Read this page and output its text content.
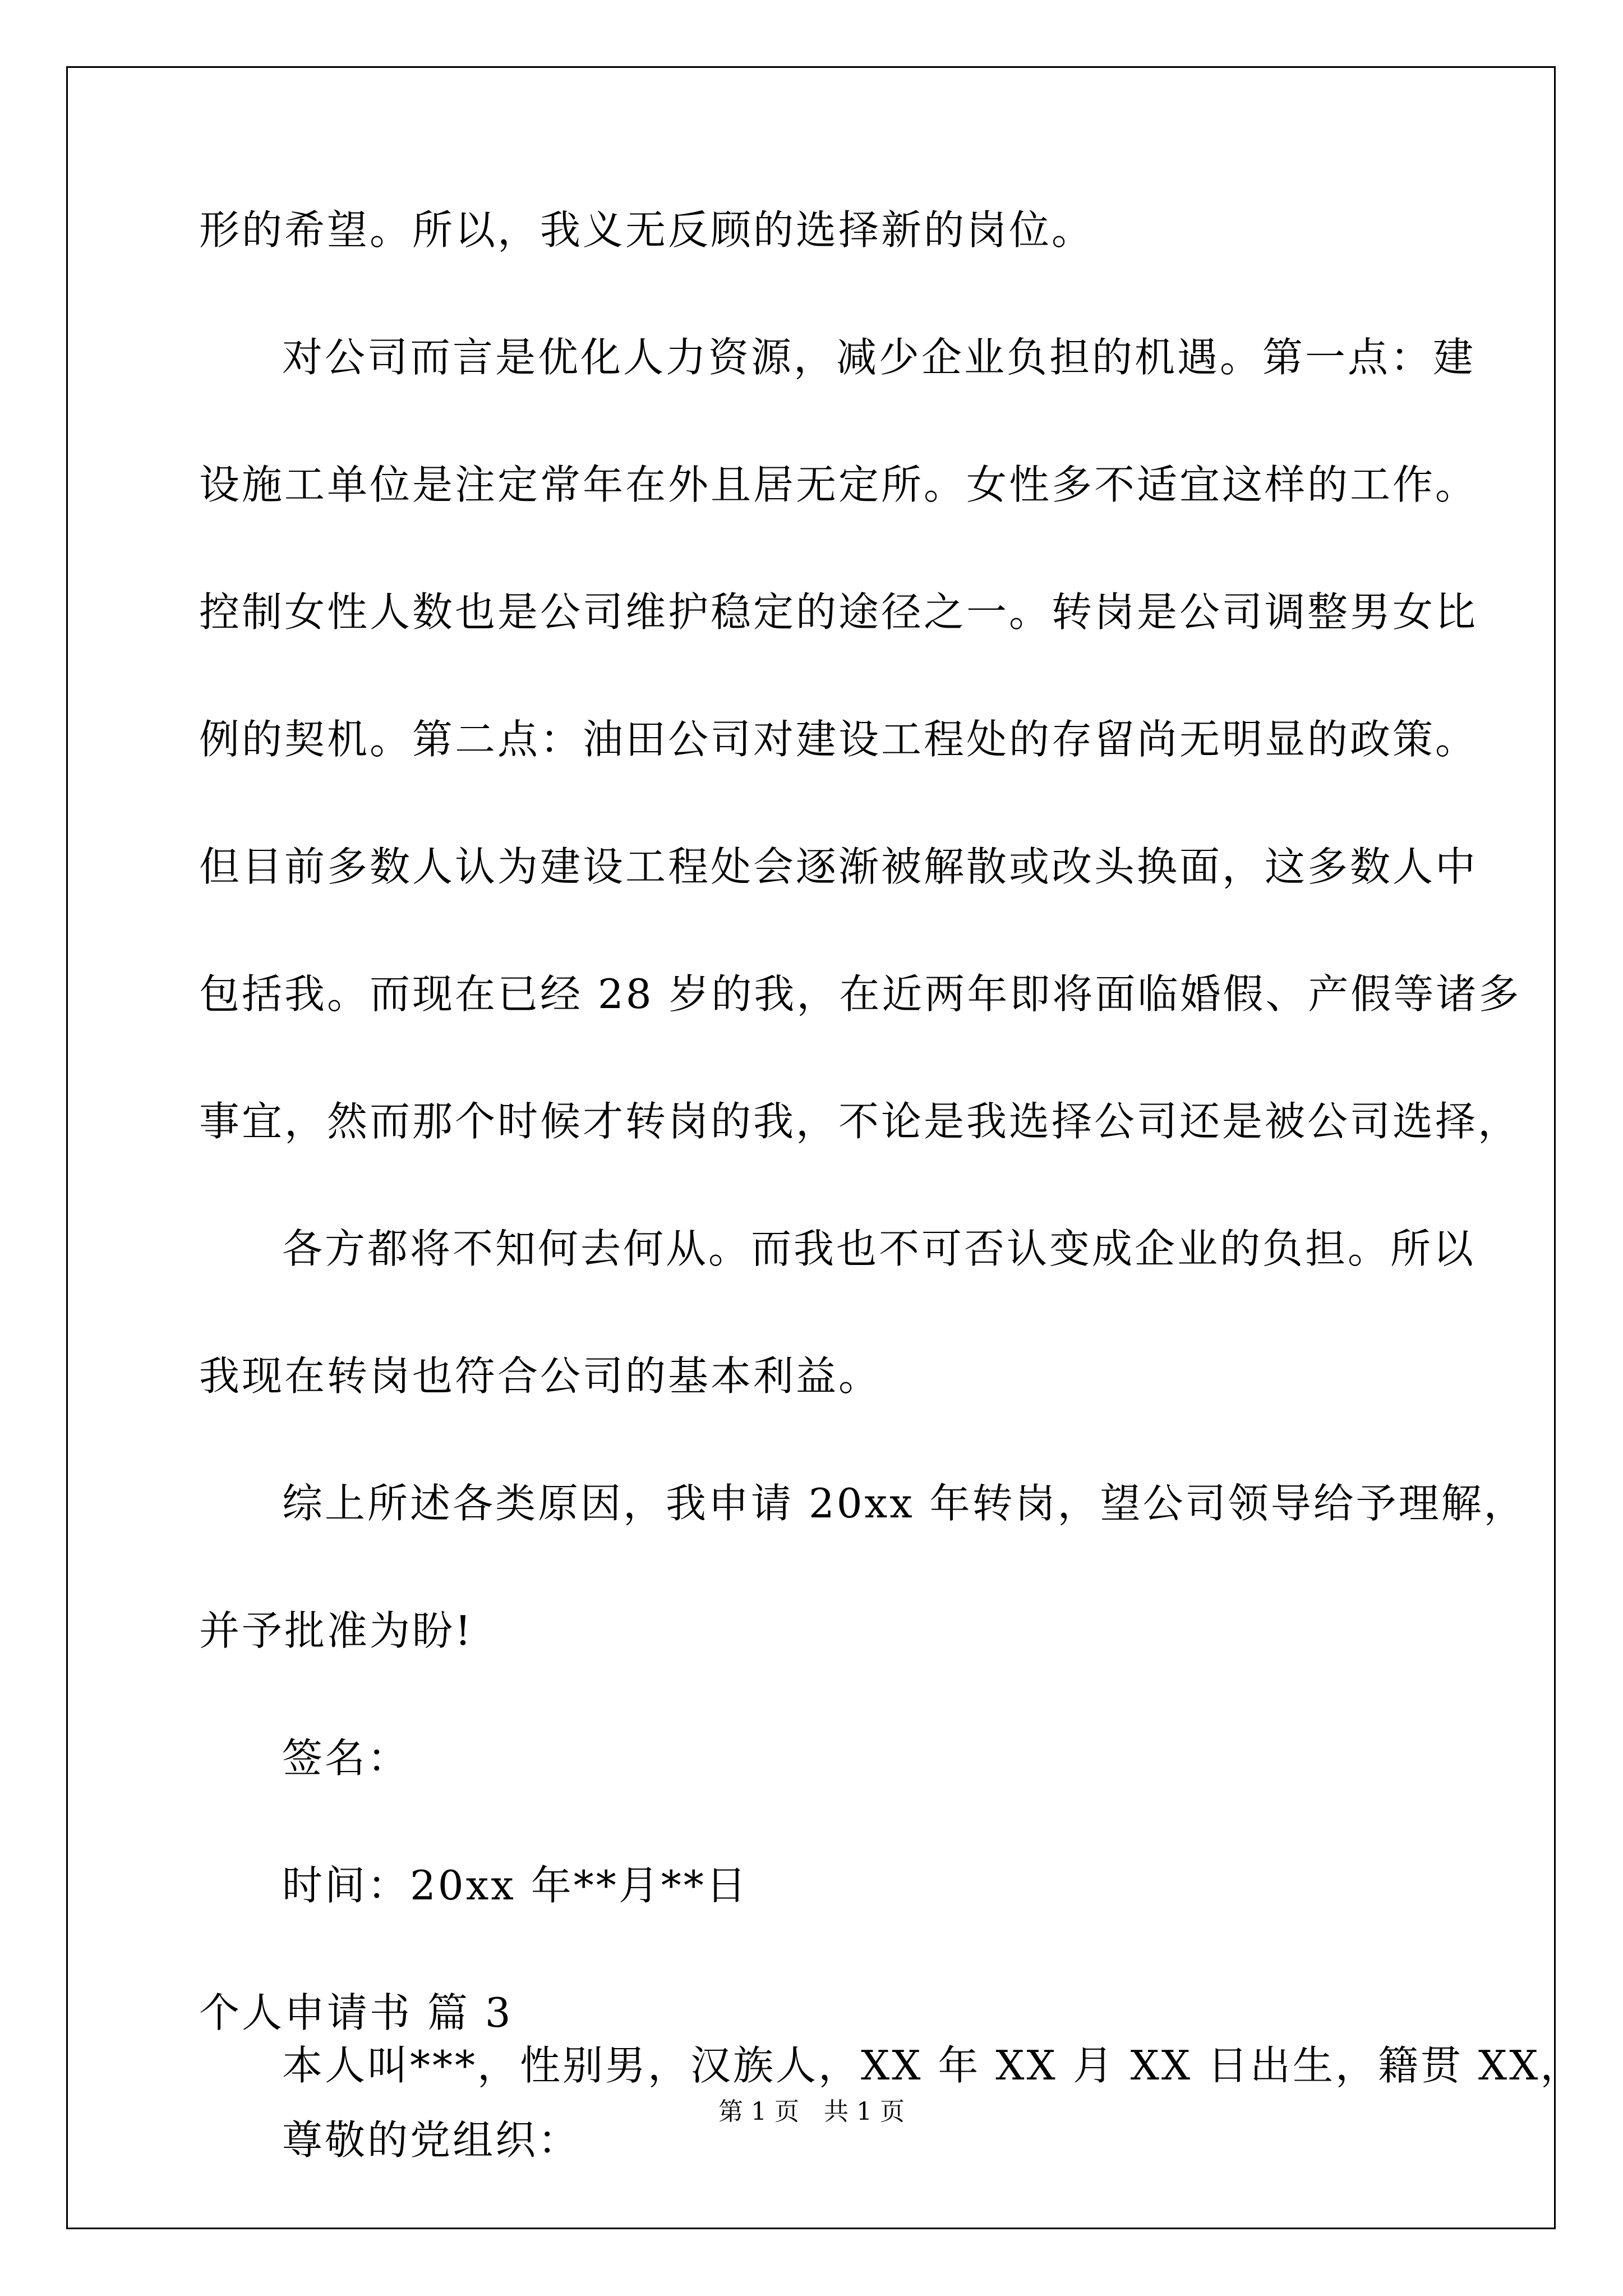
形的希望。所以，我义无反顾的选择新的岗位。
对公司而言是优化人力资源，减少企业负担的机遇。第一点：建
设施工单位是注定常年在外且居无定所。女性多不适宜这样的工作。
控制女性人数也是公司维护稳定的途径之一。转岗是公司调整男女比
例的契机。第二点：油田公司对建设工程处的存留尚无明显的政策。
但目前多数人认为建设工程处会逐渐被解散或改头换面，这多数人中
包括我。而现在已经 28 岁的我，在近两年即将面临婚假、产假等诸多
事宜，然而那个时候才转岗的我，不论是我选择公司还是被公司选择，
各方都将不知何去何从。而我也不可否认变成企业的负担。所以
我现在转岗也符合公司的基本利益。
综上所述各类原因，我申请 20xx 年转岗，望公司领导给予理解，
并予批准为盼!
签名：
时间：20xx 年**月**日
个人申请书 篇 3
尊敬的党组织：
本人叫***，性别男，汉族人，XX 年 XX 月 XX 日出生，籍贯 XX，
第 1 页 共 1 页
